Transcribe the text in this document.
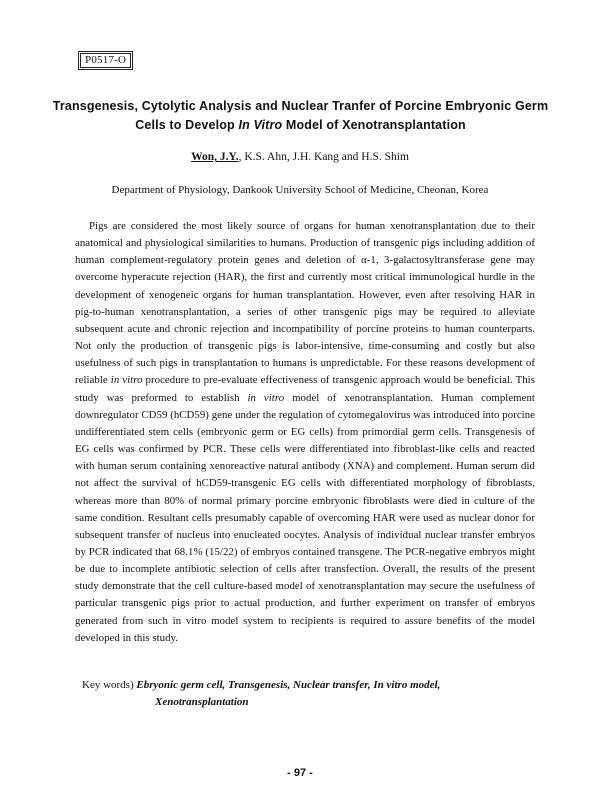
P0517-O
Transgenesis, Cytolytic Analysis and Nuclear Tranfer of Porcine Embryonic Germ Cells to Develop In Vitro Model of Xenotransplantation
Won, J.Y., K.S. Ahn, J.H. Kang and H.S. Shim
Department of Physiology, Dankook University School of Medicine, Cheonan, Korea

Pigs are considered the most likely source of organs for human xenotransplantation due to their anatomical and physiological similarities to humans. Production of transgenic pigs including addition of human complement-regulatory protein genes and deletion of α-1, 3-galactosyltransferase gene may overcome hyperacute rejection (HAR), the first and currently most critical immunological hurdle in the development of xenogeneic organs for human transplantation. However, even after resolving HAR in pig-to-human xenotransplantation, a series of other transgenic pigs may be required to alleviate subsequent acute and chronic rejection and incompatibility of porcine proteins to human counterparts. Not only the production of transgenic pigs is labor-intensive, time-consuming and costly but also usefulness of such pigs in transplantation to humans is unpredictable. For these reasons development of reliable in vitro procedure to pre-evaluate effectiveness of transgenic approach would be beneficial. This study was preformed to establish in vitro model of xenotransplantation. Human complement downregulator CD59 (hCD59) gene under the regulation of cytomegalovirus was introduced into porcine undifferentiated stem cells (embryonic germ or EG cells) from primordial germ cells. Transgenesis of EG cells was confirmed by PCR. These cells were differentiated into fibroblast-like cells and reacted with human serum containing xenoreactive natural antibody (XNA) and complement. Human serum did not affect the survival of hCD59-transgenic EG cells with differentiated morphology of fibroblasts, whereas more than 80% of normal primary porcine embryonic fibroblasts were died in culture of the same condition. Resultant cells presumably capable of overcoming HAR were used as nuclear donor for subsequent transfer of nucleus into enucleated oocytes. Analysis of individual nuclear transfer embryos by PCR indicated that 68.1% (15/22) of embryos contained transgene. The PCR-negative embryos might be due to incomplete antibiotic selection of cells after transfection. Overall, the results of the present study demonstrate that the cell culture-based model of xenotransplantation may secure the usefulness of particular transgenic pigs prior to actual production, and further experiment on transfer of embryos generated from such in vitro model system to recipients is required to assure benefits of the model developed in this study.

Key words) Ebryonic germ cell, Transgenesis, Nuclear transfer, In vitro model,
Xenotransplantation

- 97 -
